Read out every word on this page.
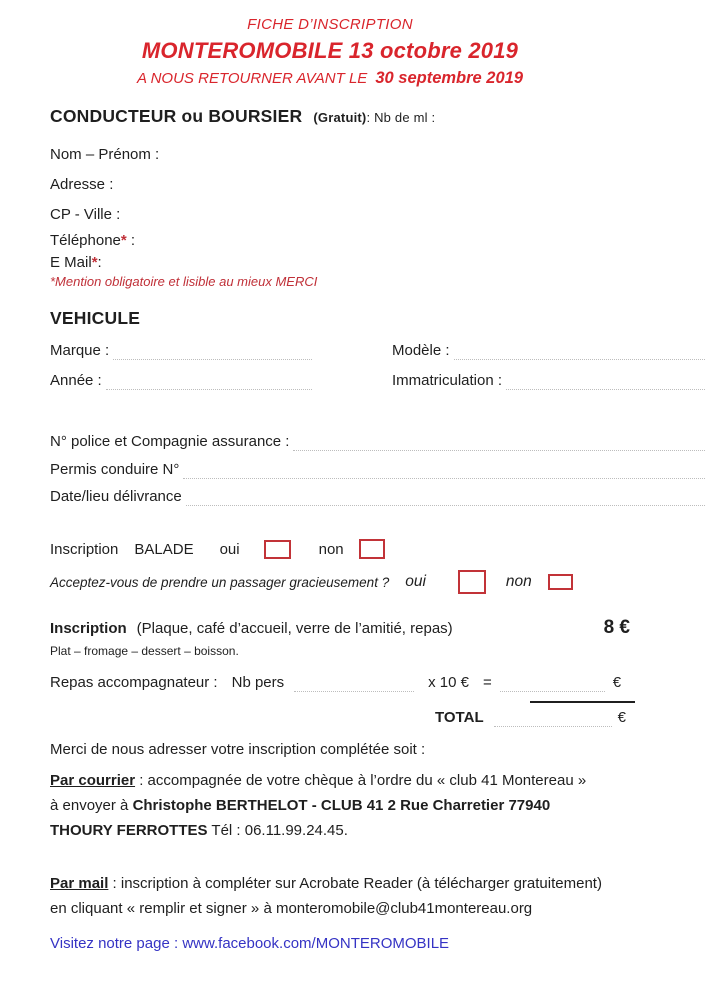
FICHE D’INSCRIPTION
MONTEROMOBILE 13 octobre 2019
A NOUS RETOURNER AVANT LE 30 septembre 2019
CONDUCTEUR ou BOURSIER (Gratuit): Nb de ml :
Nom – Prénom :
Adresse :
CP - Ville :
Téléphone* :
E Mail*:
*Mention obligatoire et lisible au mieux MERCI
VEHICULE
Marque :	Modèle :
Année :	Immatriculation :
N° police et Compagnie assurance :
Permis conduire N°
Date/lieu délivrance
Inscription BALADE oui	non
Acceptez-vous de prendre un passager gracieusement ? oui	non
Inscription (Plaque, café d’accueil, verre de l’amitié, repas)	8 €
Plat – fromage – dessert – boisson.
Repas accompagnateur : Nb pers	x 10 € =	€
TOTAL	€
Merci de nous adresser votre inscription complétée soit :
Par courrier : accompagnée de votre chèque à l’ordre du « club 41 Montereau » à envoyer à Christophe BERTHELOT - CLUB 41 2 Rue Charretier 77940 THOURY FERROTTES Tél : 06.11.99.24.45.
Par mail : inscription à compléter sur Acrobate Reader (à télécharger gratuitement) en cliquant « remplir et signer » à monteromobile@club41montereau.org
Visitez notre page : www.facebook.com/MONTEROMOBILE
